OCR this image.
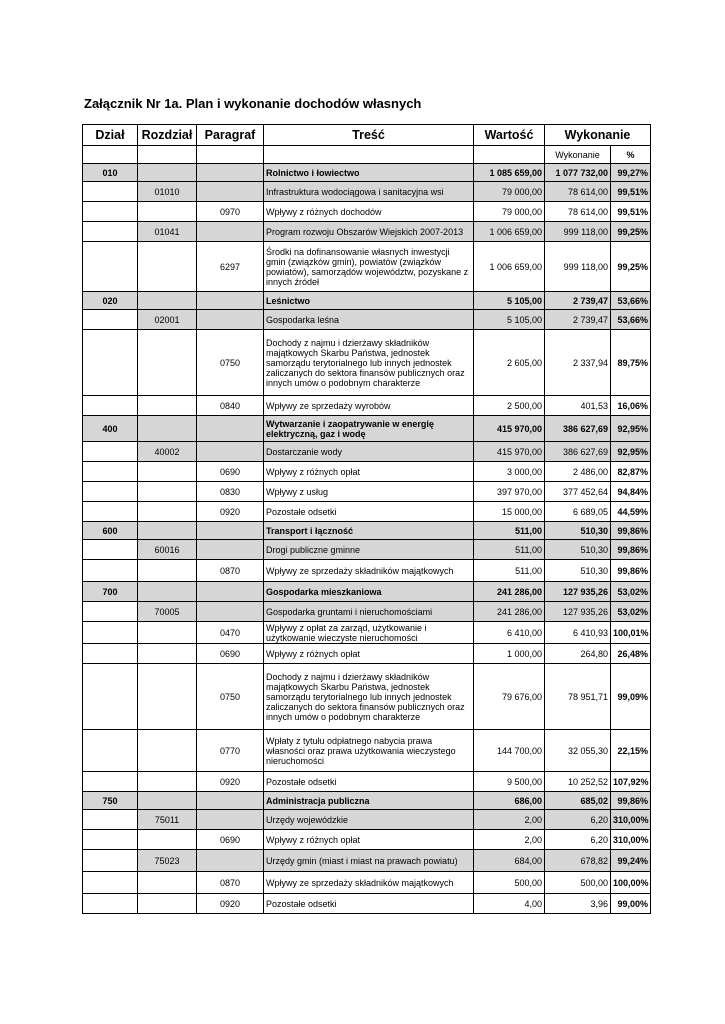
Załącznik Nr 1a. Plan i wykonanie dochodów własnych
Dział	Rozdział	Paragraf	Treść	Wartość	Wykonanie	
					Wykonanie	%
010			Rolnictwo i łowiectwo	1 085 659,00	1 077 732,00	99,27%
	01010		Infrastruktura wodociągowa i sanitacyjna wsi	79 000,00	78 614,00	99,51%
		0970	Wpływy z różnych dochodów	79 000,00	78 614,00	99,51%
	01041		Program rozwoju Obszarów Wiejskich 2007-2013	1 006 659,00	999 118,00	99,25%
		6297	Środki na dofinansowanie własnych inwestycji gmin (związków gmin), powiatów (związków powiatów), samorządów województw, pozyskane z innych źródeł	1 006 659,00	999 118,00	99,25%
020			Leśnictwo	5 105,00	2 739,47	53,66%
	02001		Gospodarka leśna	5 105,00	2 739,47	53,66%
		0750	Dochody z najmu i dzierżawy składników majątkowych Skarbu Państwa, jednostek samorządu terytorialnego lub innych jednostek zaliczanych do sektora finansów publicznych oraz innych umów o podobnym charakterze	2 605,00	2 337,94	89,75%
		0840	Wpływy ze sprzedaży wyrobów	2 500,00	401,53	16,06%
400			Wytwarzanie i zaopatrywanie w energię elektryczną, gaz i wodę	415 970,00	386 627,69	92,95%
	40002		Dostarczanie wody	415 970,00	386 627,69	92,95%
		0690	Wpływy z różnych opłat	3 000,00	2 486,00	82,87%
		0830	Wpływy z usług	397 970,00	377 452,64	94,84%
		0920	Pozostałe odsetki	15 000,00	6 689,05	44,59%
600			Transport i łączność	511,00	510,30	99,86%
	60016		Drogi publiczne gminne	511,00	510,30	99,86%
		0870	Wpływy ze sprzedaży składników majątkowych	511,00	510,30	99,86%
700			Gospodarka mieszkaniowa	241 286,00	127 935,26	53,02%
	70005		Gospodarka gruntami i nieruchomościami	241 286,00	127 935,26	53,02%
		0470	Wpływy z opłat za zarząd, użytkowanie i użytkowanie wieczyste nieruchomości	6 410,00	6 410,93	100,01%
		0690	Wpływy z różnych opłat	1 000,00	264,80	26,48%
		0750	Dochody z najmu i dzierżawy składników majątkowych Skarbu Państwa, jednostek samorządu terytorialnego lub innych jednostek zaliczanych do sektora finansów publicznych oraz innych umów o podobnym charakterze	79 676,00	78 951,71	99,09%
		0770	Wpłaty z tytułu odpłatnego nabycia prawa własności oraz prawa użytkowania wieczystego nieruchomości	144 700,00	32 055,30	22,15%
		0920	Pozostałe odsetki	9 500,00	10 252,52	107,92%
750			Administracja publiczna	686,00	685,02	99,86%
	75011		Urzędy wojewódzkie	2,00	6,20	310,00%
		0690	Wpływy z różnych opłat	2,00	6,20	310,00%
	75023		Urzędy gmin (miast i miast na prawach powiatu)	684,00	678,82	99,24%
		0870	Wpływy ze sprzedaży składników majątkowych	500,00	500,00	100,00%
		0920	Pozostałe odsetki	4,00	3,96	99,00%
